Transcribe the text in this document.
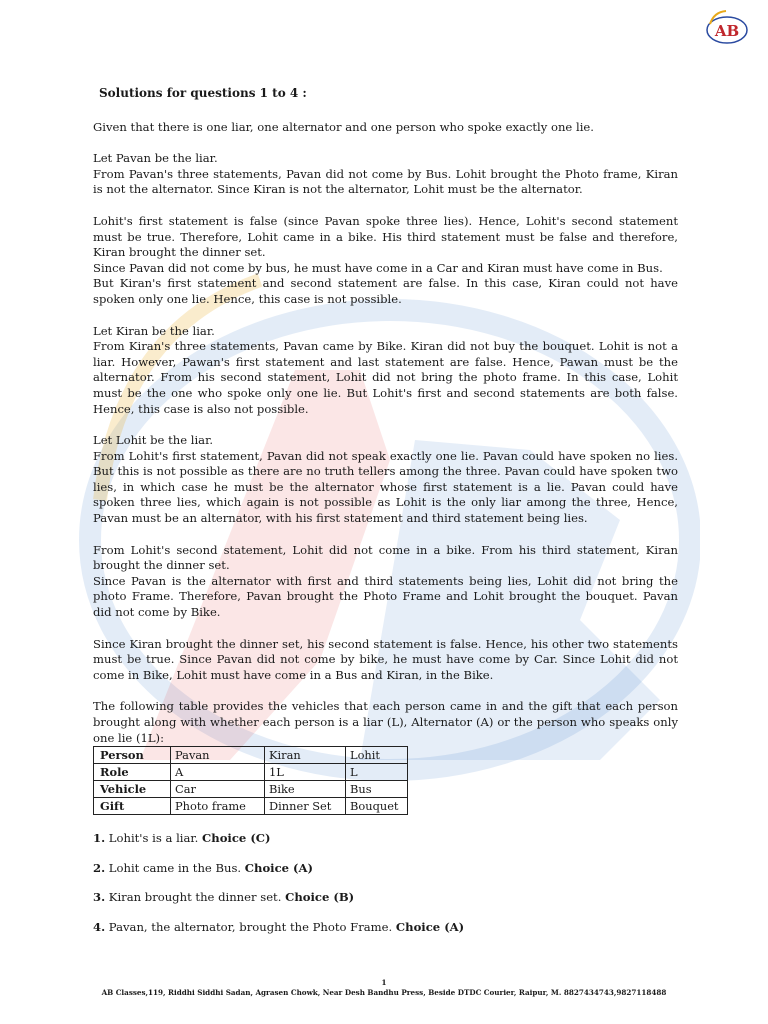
AB
Solutions for questions 1 to 4 :
Given that there is one liar, one alternator and one person who spoke exactly one lie.
Let Pavan be the liar.
From Pavan's three statements, Pavan did not come by Bus. Lohit brought the Photo frame, Kiran is not the alternator. Since Kiran is not the alternator, Lohit must be the alternator.
Lohit's first statement is false (since Pavan spoke three lies). Hence, Lohit's second statement must be true. Therefore, Lohit came in a bike. His third statement must be false and therefore, Kiran brought the dinner set.
Since Pavan did not come by bus, he must have come in a Car and Kiran must have come in Bus.
But Kiran's first statement and second statement are false. In this case, Kiran could not have spoken only one lie. Hence, this case is not possible.
Let Kiran be the liar.
From Kiran's three statements, Pavan came by Bike. Kiran did not buy the bouquet. Lohit is not a liar. However, Pawan's first statement and last statement are false. Hence, Pawan must be the alternator. From his second statement, Lohit did not bring the photo frame. In this case, Lohit must be the one who spoke only one lie. But Lohit's first and second statements are both false. Hence, this case is also not possible.
Let Lohit be the liar.
From Lohit's first statement, Pavan did not speak exactly one lie. Pavan could have spoken no lies. But this is not possible as there are no truth tellers among the three. Pavan could have spoken two lies, in which case he must be the alternator whose first statement is a lie. Pavan could have spoken three lies, which again is not possible as Lohit is the only liar among the three, Hence, Pavan must be an alternator, with his first statement and third statement being lies.
From Lohit's second statement, Lohit did not come in a bike. From his third statement, Kiran brought the dinner set.
Since Pavan is the alternator with first and third statements being lies, Lohit did not bring the photo Frame. Therefore, Pavan brought the Photo Frame and Lohit brought the bouquet. Pavan did not come by Bike.
Since Kiran brought the dinner set, his second statement is false. Hence, his other two statements must be true. Since Pavan did not come by bike, he must have come by Car. Since Lohit did not come in Bike, Lohit must have come in a Bus and Kiran, in the Bike.
The following table provides the vehicles that each person came in and the gift that each person brought along with whether each person is a liar (L), Alternator (A) or the person who speaks only one lie (1L):
Person	Pavan	Kiran	Lohit
Role	A	1L	L
Vehicle	Car	Bike	Bus
Gift	Photo frame	Dinner Set	Bouquet
1. Lohit's is a liar. Choice (C)
2. Lohit came in the Bus. Choice (A)
3. Kiran brought the dinner set. Choice (B)
4. Pavan, the alternator, brought the Photo Frame. Choice (A)
1
AB Classes,119, Riddhi Siddhi Sadan, Agrasen Chowk, Near Desh Bandhu Press, Beside DTDC Courier, Raipur, M. 8827434743,9827118488
